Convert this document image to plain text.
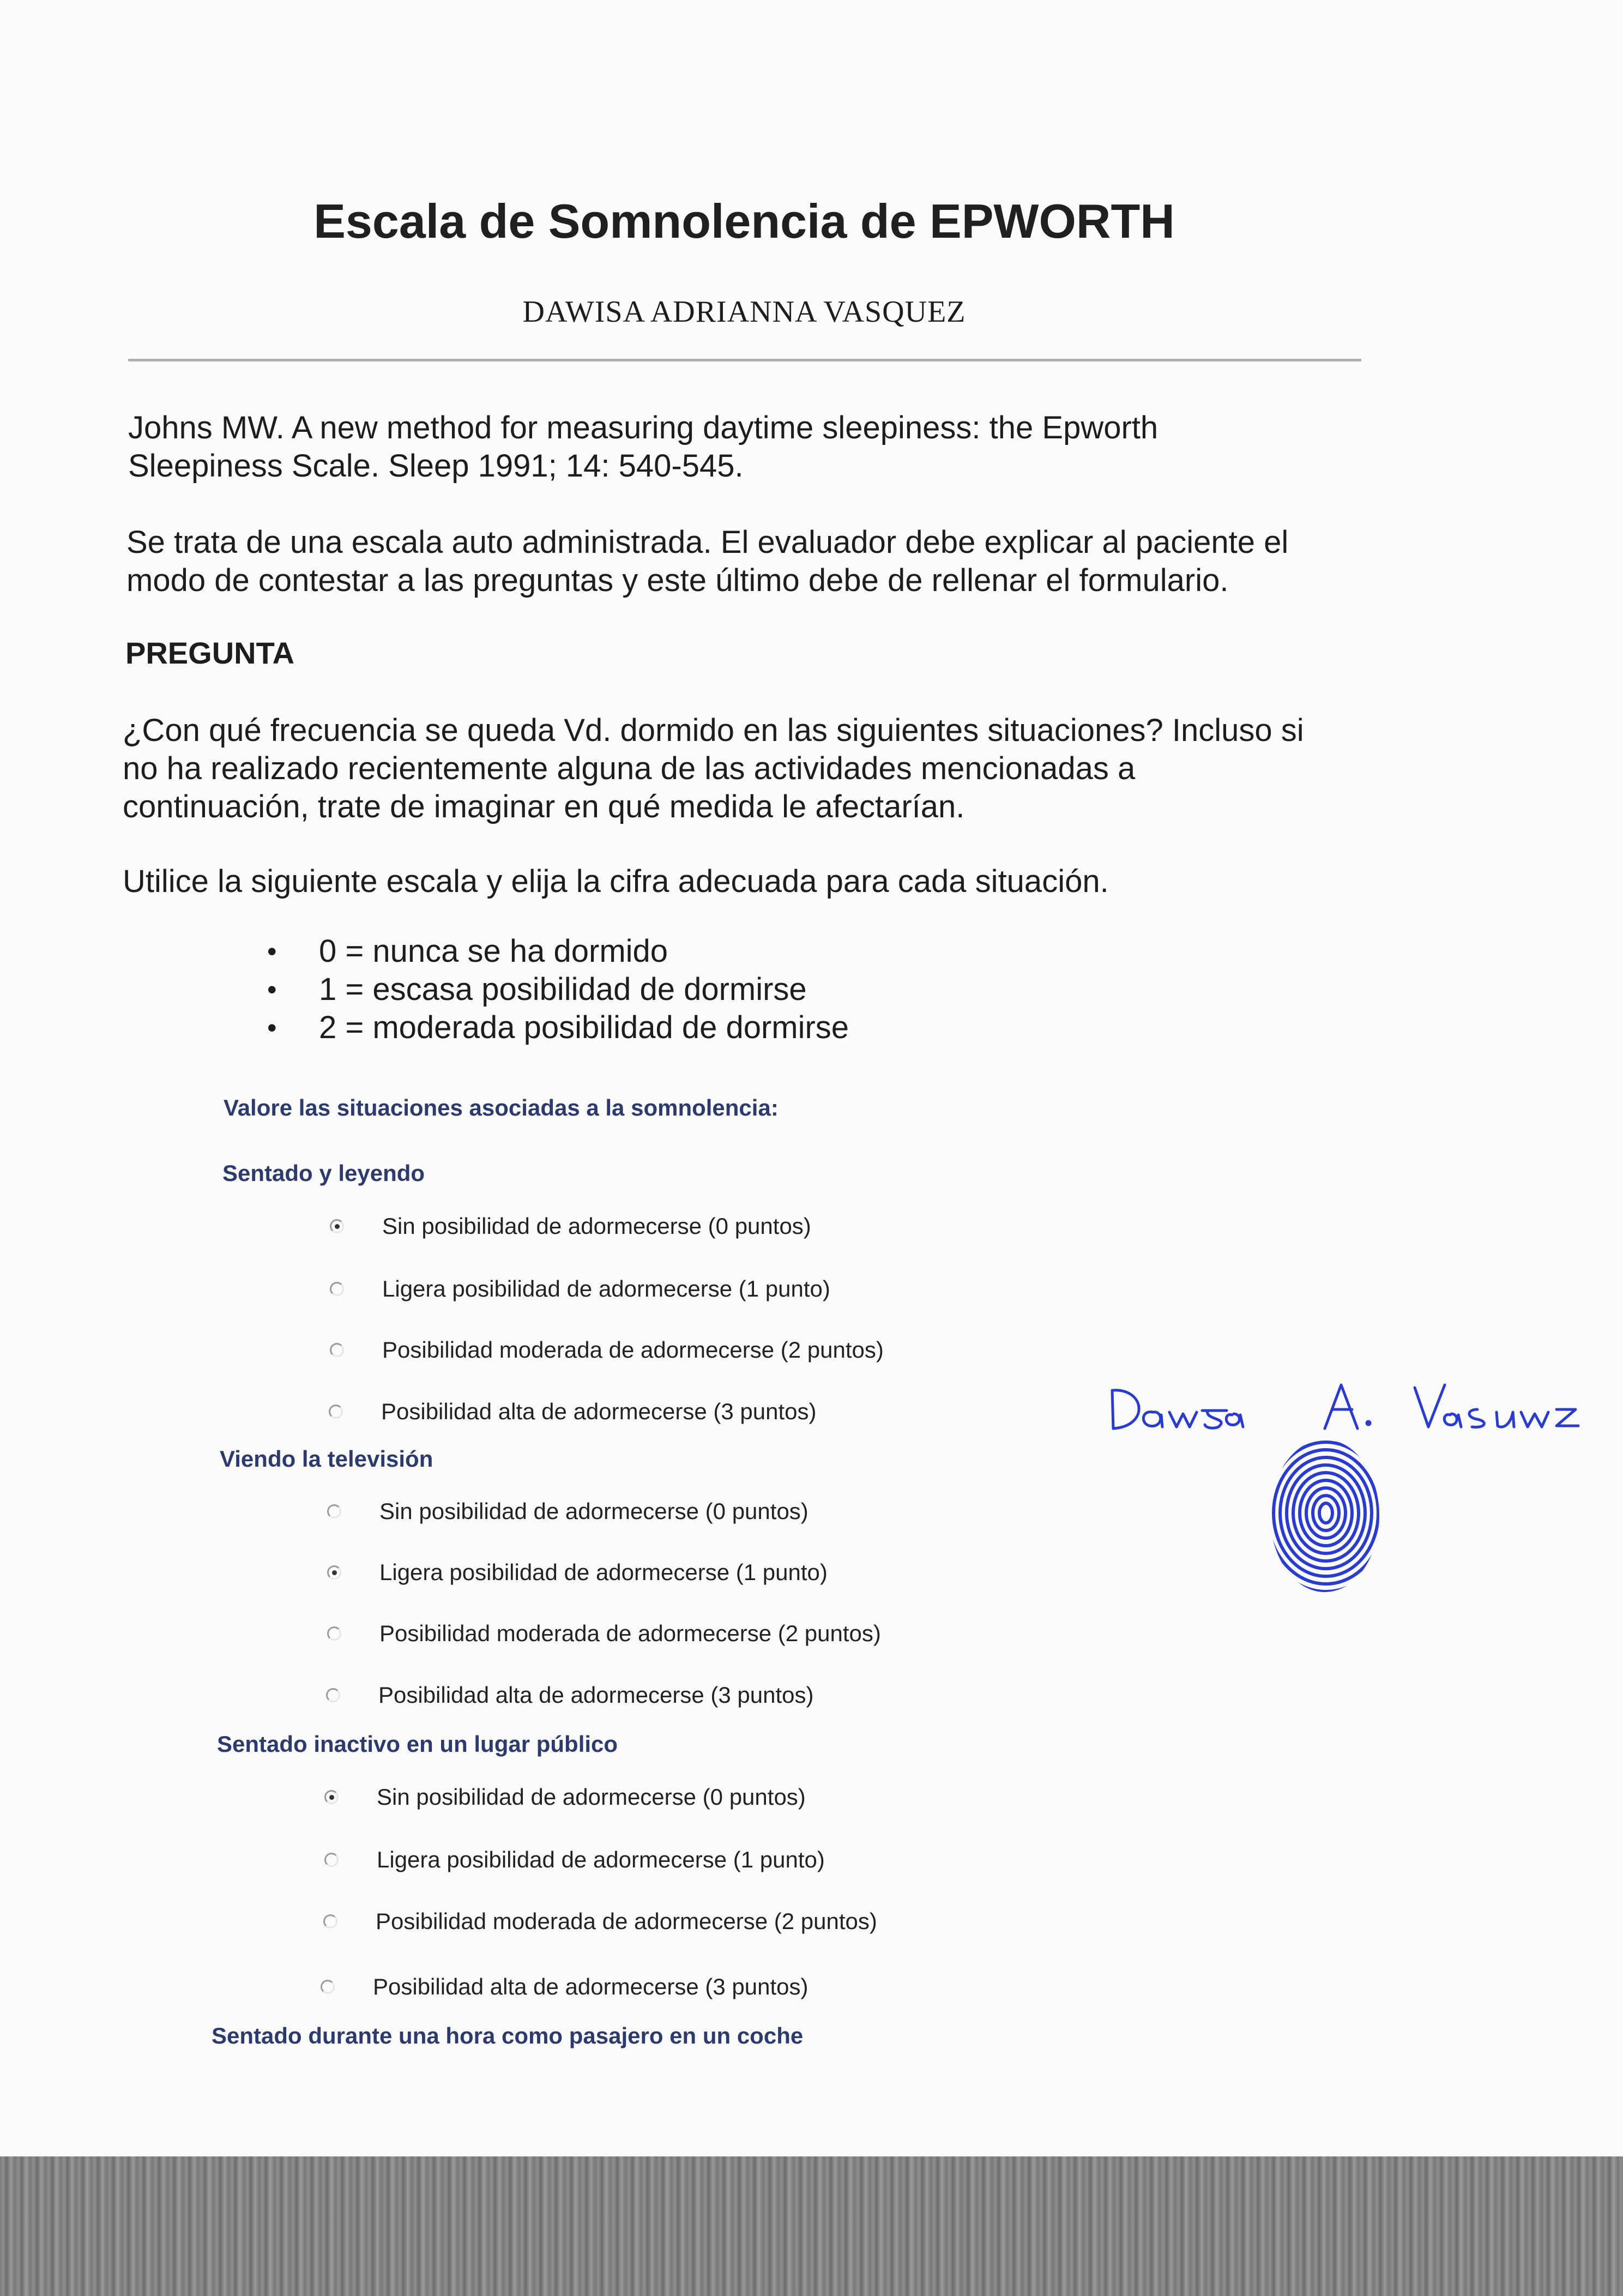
Escala de Somnolencia de EPWORTH
DAWISA ADRIANNA VASQUEZ
Johns MW. A new method for measuring daytime sleepiness: the Epworth
Sleepiness Scale. Sleep 1991; 14: 540-545.
Se trata de una escala auto administrada. El evaluador debe explicar al paciente el
modo de contestar a las preguntas y este último debe de rellenar el formulario.
PREGUNTA
¿Con qué frecuencia se queda Vd. dormido en las siguientes situaciones? Incluso si
no ha realizado recientemente alguna de las actividades mencionadas a
continuación, trate de imaginar en qué medida le afectarían.
Utilice la siguiente escala y elija la cifra adecuada para cada situación.
• 0 = nunca se ha dormido
• 1 = escasa posibilidad de dormirse
• 2 = moderada posibilidad de dormirse
Valore las situaciones asociadas a la somnolencia:
Sentado y leyendo
Sin posibilidad de adormecerse (0 puntos)
Ligera posibilidad de adormecerse (1 punto)
Posibilidad moderada de adormecerse (2 puntos)
Posibilidad alta de adormecerse (3 puntos)
Viendo la televisión
Sin posibilidad de adormecerse (0 puntos)
Ligera posibilidad de adormecerse (1 punto)
Posibilidad moderada de adormecerse (2 puntos)
Posibilidad alta de adormecerse (3 puntos)
Sentado inactivo en un lugar público
Sin posibilidad de adormecerse (0 puntos)
Ligera posibilidad de adormecerse (1 punto)
Posibilidad moderada de adormecerse (2 puntos)
Posibilidad alta de adormecerse (3 puntos)
Sentado durante una hora como pasajero en un coche
